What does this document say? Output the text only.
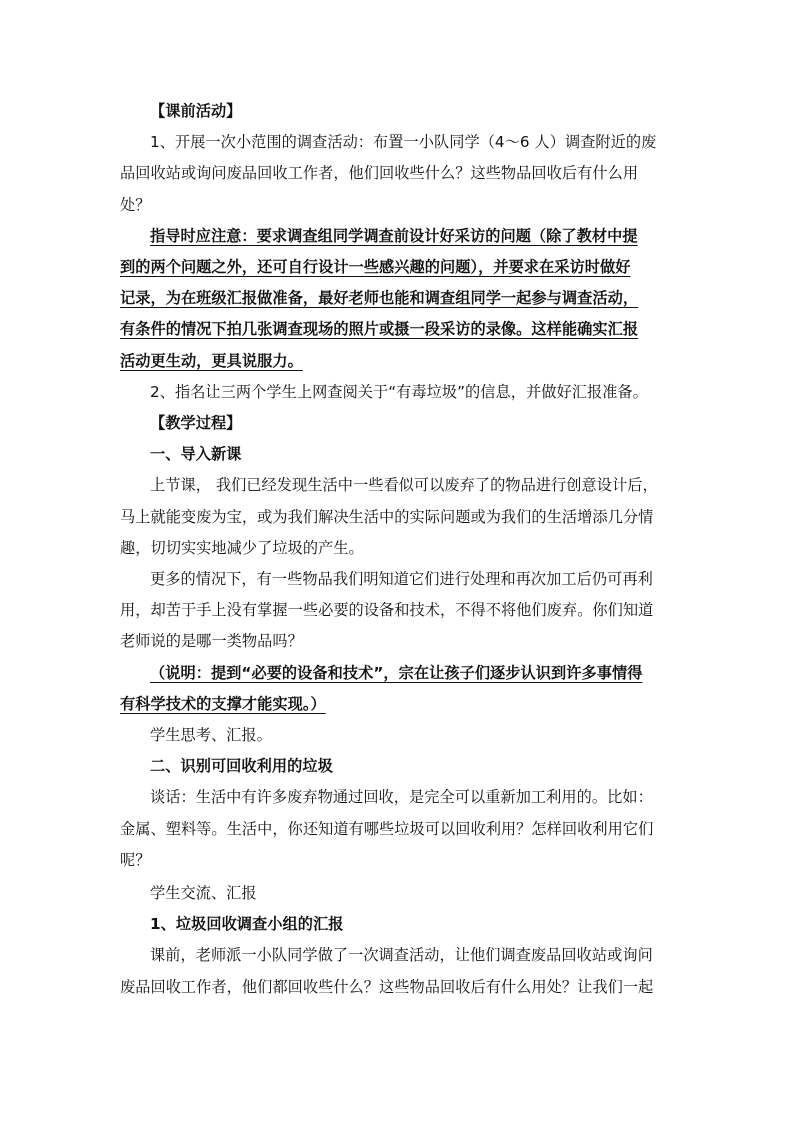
【课前活动】
1、开展一次小范围的调查活动：布置一小队同学（4～6 人）调查附近的废
品回收站或询问废品回收工作者，他们回收些什么？这些物品回收后有什么用
处？
指导时应注意：要求调查组同学调查前设计好采访的问题（除了教材中提
到的两个问题之外，还可自行设计一些感兴趣的问题），并要求在采访时做好
记录，为在班级汇报做准备，最好老师也能和调查组同学一起参与调查活动，
有条件的情况下拍几张调查现场的照片或摄一段采访的录像。这样能确实汇报
活动更生动，更具说服力。
2、指名让三两个学生上网查阅关于“有毒垃圾”的信息，并做好汇报准备。
【教学过程】
一、导入新课
上节课， 我们已经发现生活中一些看似可以废弃了的物品进行创意设计后，
马上就能变废为宝，或为我们解决生活中的实际问题或为我们的生活增添几分情
趣，切切实实地减少了垃圾的产生。
更多的情况下，有一些物品我们明知道它们进行处理和再次加工后仍可再利
用，却苦于手上没有掌握一些必要的设备和技术，不得不将他们废弃。你们知道
老师说的是哪一类物品吗？
（说明：提到“必要的设备和技术”，宗在让孩子们逐步认识到许多事情得
有科学技术的支撑才能实现。）
学生思考、汇报。
二、识别可回收利用的垃圾
谈话：生活中有许多废弃物通过回收，是完全可以重新加工利用的。比如：
金属、塑料等。生活中，你还知道有哪些垃圾可以回收利用？怎样回收利用它们
呢？
学生交流、汇报
1、垃圾回收调查小组的汇报
课前，老师派一小队同学做了一次调查活动，让他们调查废品回收站或询问
废品回收工作者，他们都回收些什么？这些物品回收后有什么用处？让我们一起
